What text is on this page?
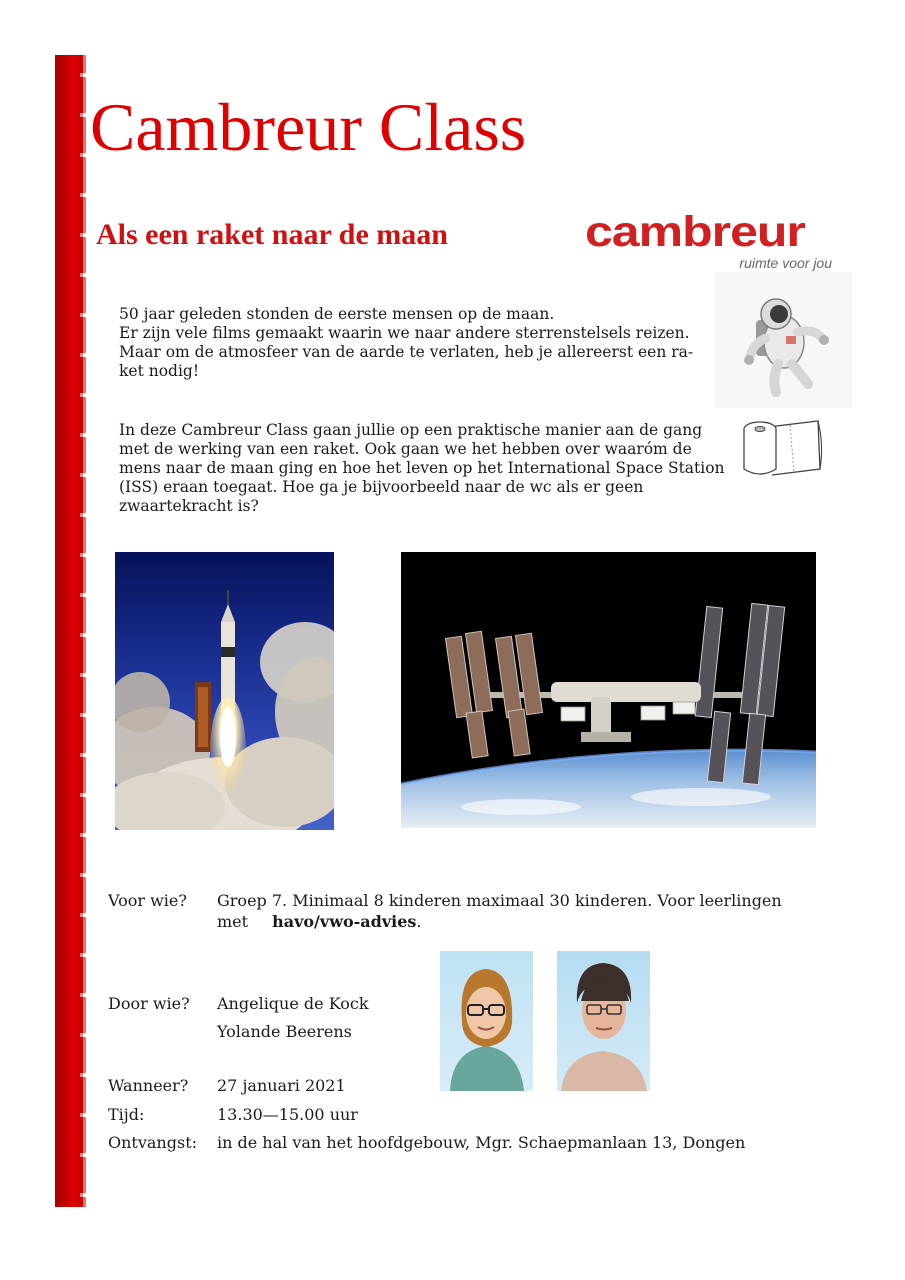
Cambreur Class
Als een raket naar de maan	cambreur
ruimte voor jou

50 jaar geleden stonden de eerste mensen op de maan.
Er zijn vele films gemaakt waarin we naar andere sterrenstelsels reizen.
Maar om de atmosfeer van de aarde te verlaten, heb je allereerst een ra-
ket nodig!

In deze Cambreur Class gaan jullie op een praktische manier aan de gang
met de werking van een raket. Ook gaan we het hebben over waaróm de
mens naar de maan ging en hoe het leven op het International Space Station
(ISS) eraan toegaat. Hoe ga je bijvoorbeeld naar de wc als er geen
zwaartekracht is?

Voor wie? Groep 7. Minimaal 8 kinderen maximaal 30 kinderen. Voor leerlingen

met havo/vwo-advies.

Door wie? Angelique de Kock

Yolande Beerens

Wanneer? 27 januari 2021

Tijd:	13.30—15.00 uur

Ontvangst: in de hal van het hoofdgebouw, Mgr. Schaepmanlaan 13, Dongen
